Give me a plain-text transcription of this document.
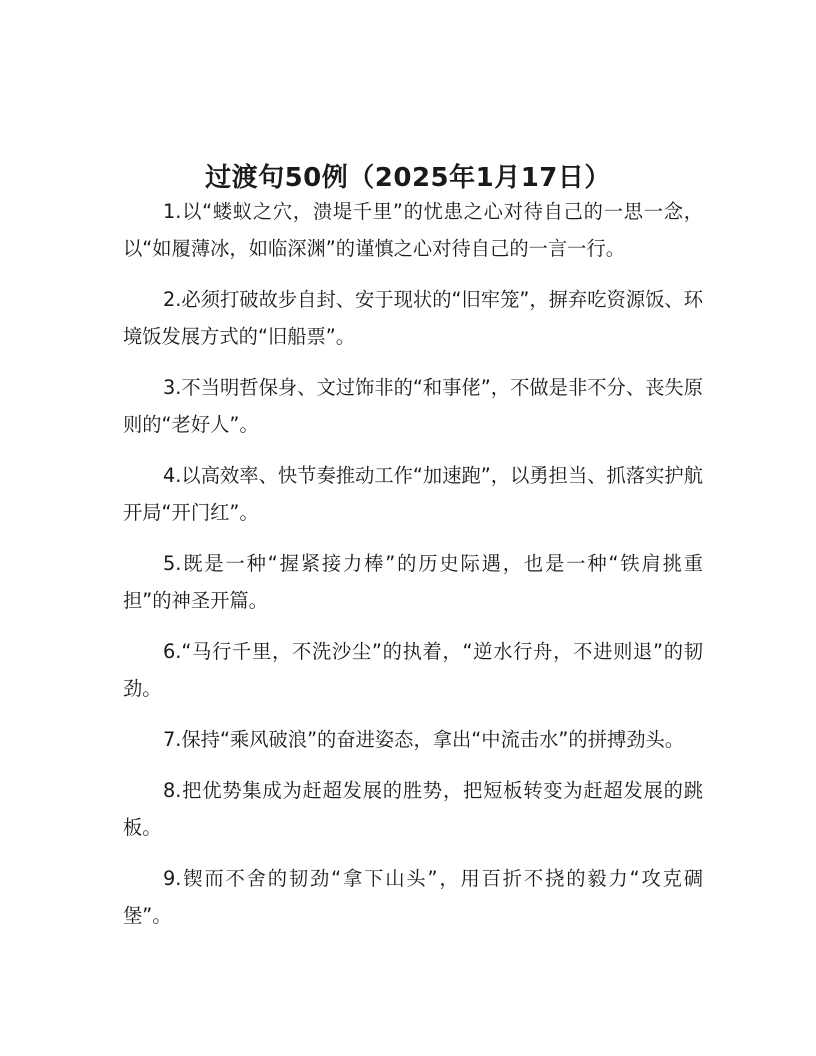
过渡句50例（2025年1月17日）

1.以“蝼蚁之穴，溃堤千里”的忧患之心对待自己的一思一念，以“如履薄冰，如临深渊”的谨慎之心对待自己的一言一行。

2.必须打破故步自封、安于现状的“旧牢笼”，摒弃吃资源饭、环境饭发展方式的“旧船票”。

3.不当明哲保身、文过饰非的“和事佬”，不做是非不分、丧失原则的“老好人”。

4.以高效率、快节奏推动工作“加速跑”，以勇担当、抓落实护航开局“开门红”。

5.既是一种“握紧接力棒”的历史际遇，也是一种“铁肩挑重担”的神圣开篇。

6.“马行千里，不洗沙尘”的执着，“逆水行舟，不进则退”的韧劲。

7.保持“乘风破浪”的奋进姿态，拿出“中流击水”的拼搏劲头。

8.把优势集成为赶超发展的胜势，把短板转变为赶超发展的跳板。

9.锲而不舍的韧劲“拿下山头”，用百折不挠的毅力“攻克碉堡”。
